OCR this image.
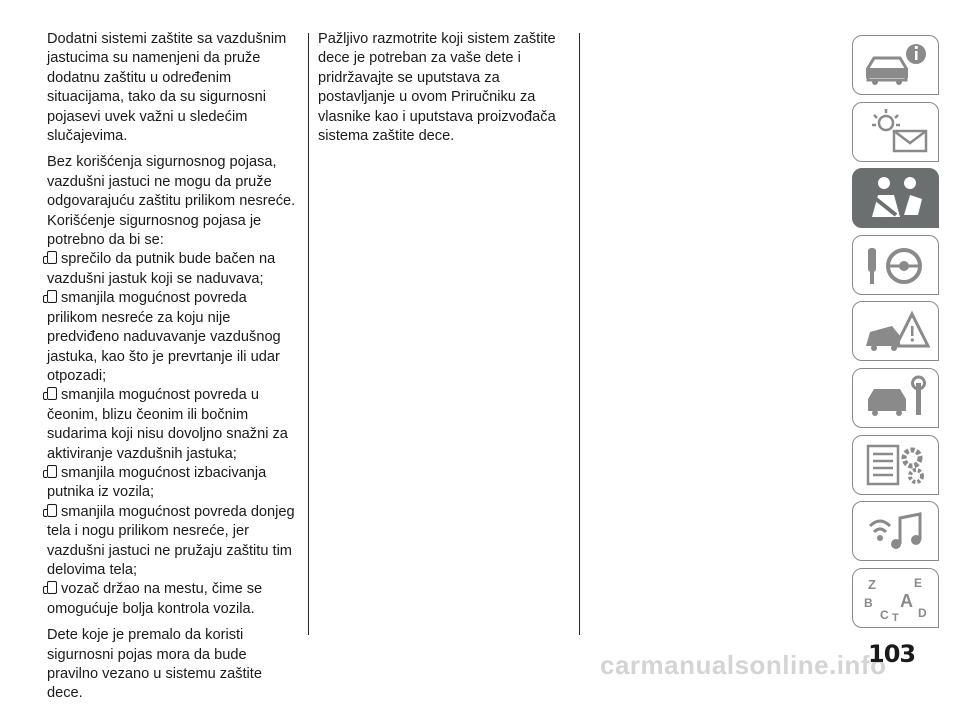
Dodatni sistemi zaštite sa vazdušnim jastucima su namenjeni da pruže dodatnu zaštitu u određenim situacijama, tako da su sigurnosni pojasevi uvek važni u sledećim slučajevima.

Bez korišćenja sigurnosnog pojasa, vazdušni jastuci ne mogu da pruže odgovarajuću zaštitu prilikom nesreće. Korišćenje sigurnosnog pojasa je potrebno da bi se:

sprečilo da putnik bude bačen na vazdušni jastuk koji se naduvava;
smanjila mogućnost povreda prilikom nesreće za koju nije predviđeno naduvavanje vazdušnog jastuka, kao što je prevrtanje ili udar otpozadi;
smanjila mogućnost povreda u čeonim, blizu čeonim ili bočnim sudarima koji nisu dovoljno snažni za aktiviranje vazdušnih jastuka;
smanjila mogućnost izbacivanja putnika iz vozila;
smanjila mogućnost povreda donjeg tela i nogu prilikom nesreće, jer vazdušni jastuci ne pružaju zaštitu tim delovima tela;
vozač držao na mestu, čime se omogućuje bolja kontrola vozila.

Dete koje je premalo da koristi sigurnosni pojas mora da bude pravilno vezano u sistemu zaštite dece.

Pažljivo razmotrite koji sistem zaštite dece je potreban za vaše dete i pridržavajte se uputstava za postavljanje u ovom Priručniku za vlasnike kao i uputstava proizvođača sistema zaštite dece.

Z	E
B A
C D
T
carmanualsonline.info
103
